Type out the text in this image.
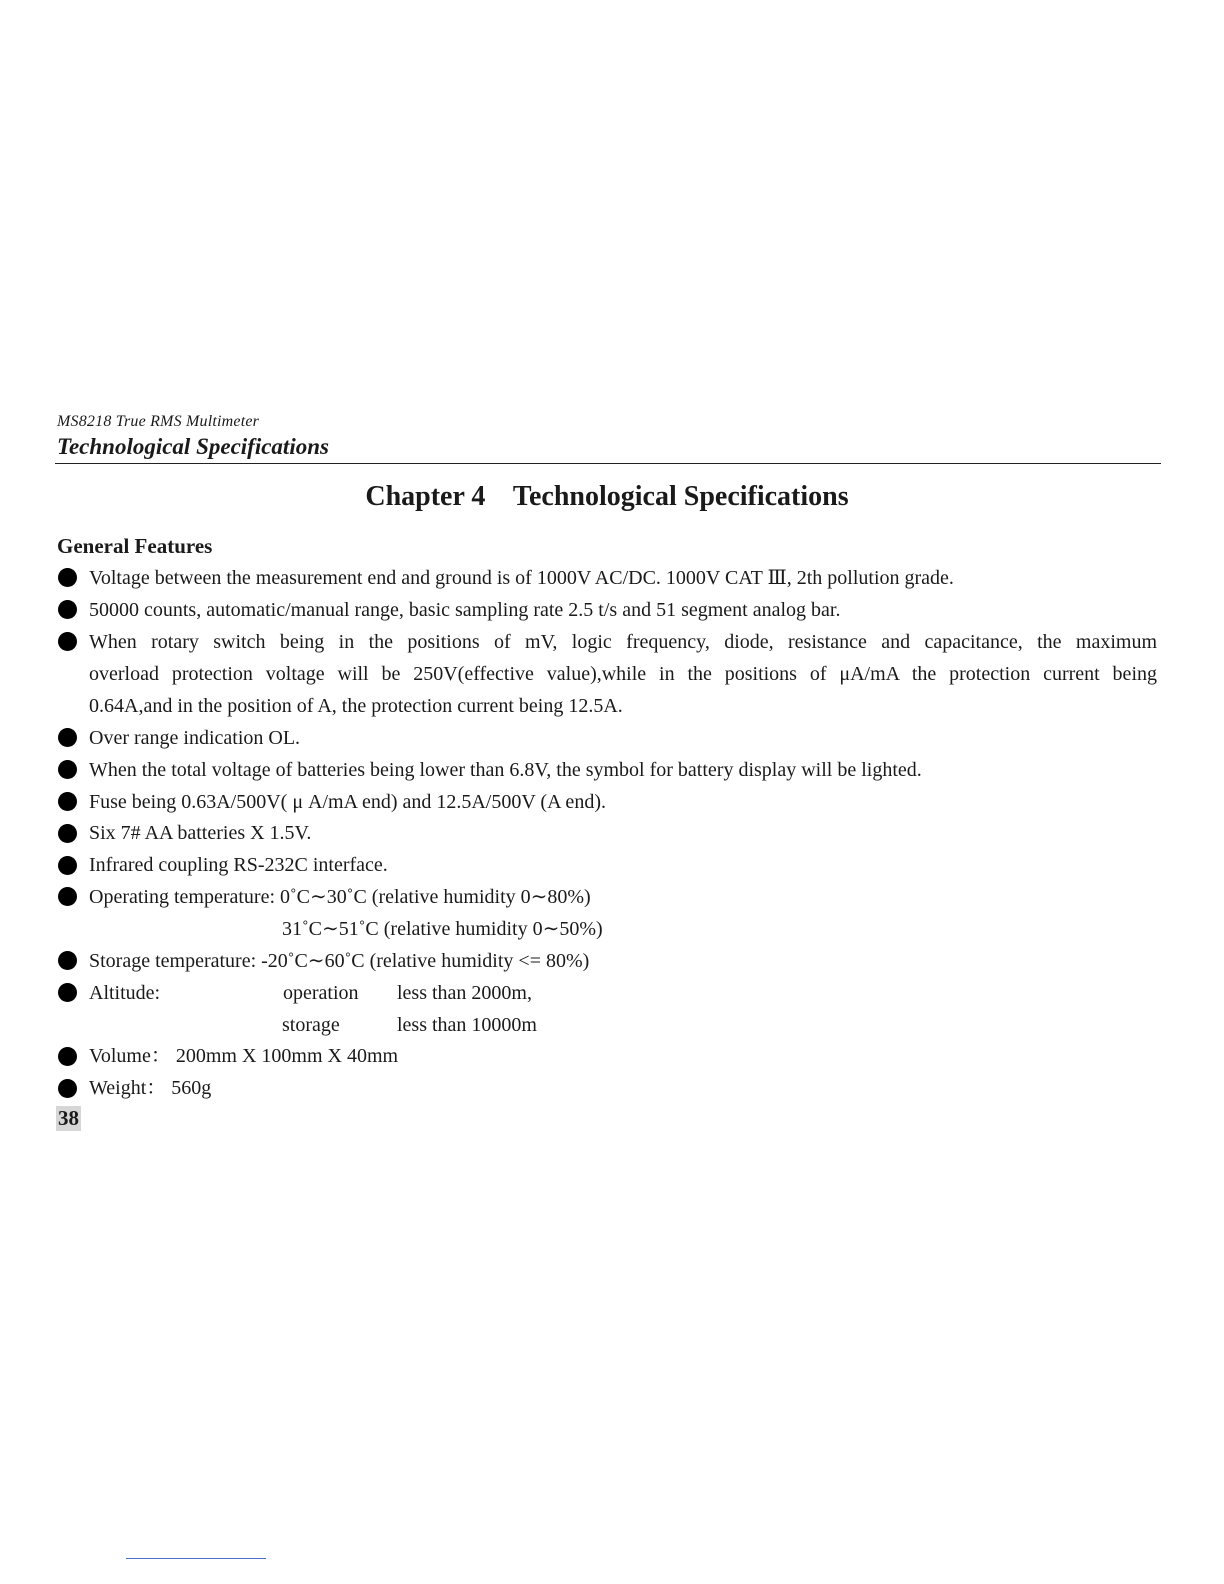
MS8218 True RMS Multimeter
Technological Specifications
Chapter 4    Technological Specifications
General Features
Voltage between the measurement end and ground is of 1000V AC/DC. 1000V CAT Ⅲ, 2th pollution grade.
50000 counts, automatic/manual range, basic sampling rate 2.5 t/s and 51 segment analog bar.
When rotary switch being in the positions of mV, logic frequency, diode, resistance and capacitance, the maximum
overload protection voltage will be 250V(effective value),while in the positions of μA/mA the protection current being
0.64A,and in the position of A, the protection current being 12.5A.
Over range indication OL.
When the total voltage of batteries being lower than 6.8V, the symbol for battery display will be lighted.
Fuse being 0.63A/500V( μ A/mA end) and 12.5A/500V (A end).
Six 7# AA batteries X 1.5V.
Infrared coupling RS-232C interface.
Operating temperature: 0˚C∼30˚C (relative humidity 0∼80%)
31˚C∼51˚C (relative humidity 0∼50%)
Storage temperature: -20˚C∼60˚C (relative humidity <= 80%)
Altitude:	operation less than 2000m,
storage	less than 10000m
Volume： 200mm X 100mm X 40mm
Weight： 560g
38
